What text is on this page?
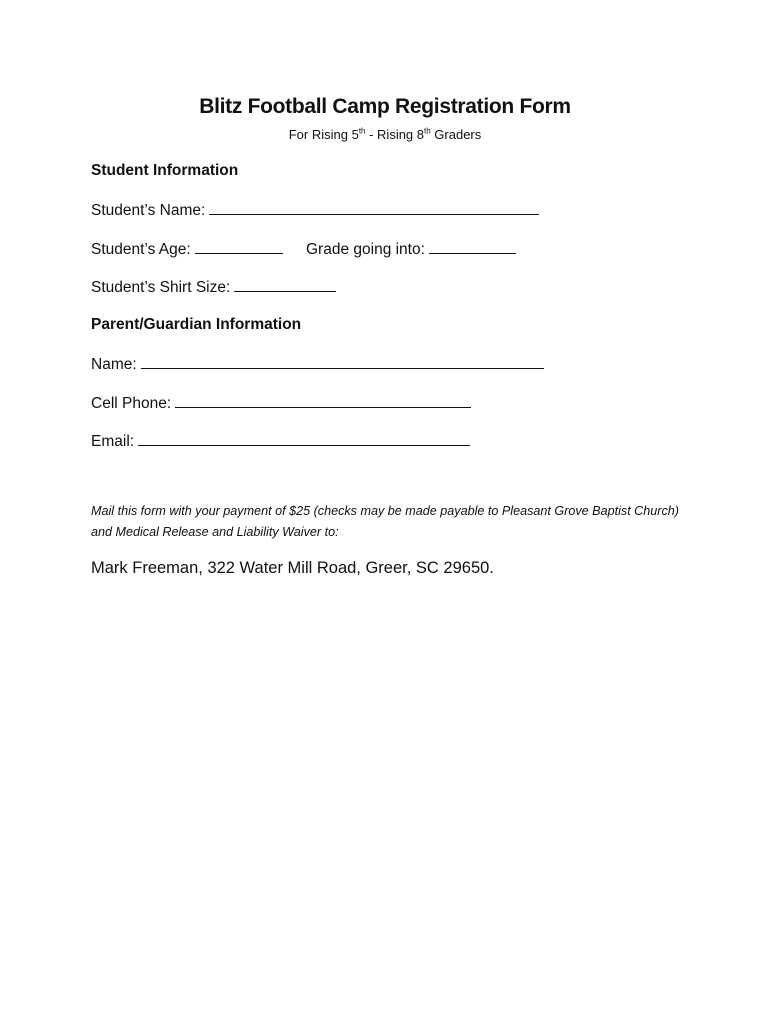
Blitz Football Camp Registration Form
For Rising 5th - Rising 8th Graders
Student Information
Student’s Name:
Student’s Age:	Grade going into:
Student’s Shirt Size:
Parent/Guardian Information
Name:
Cell Phone:
Email:
Mail this form with your payment of $25 (checks may be made payable to Pleasant Grove Baptist Church) and Medical Release and Liability Waiver to:
Mark Freeman, 322 Water Mill Road, Greer, SC 29650.
